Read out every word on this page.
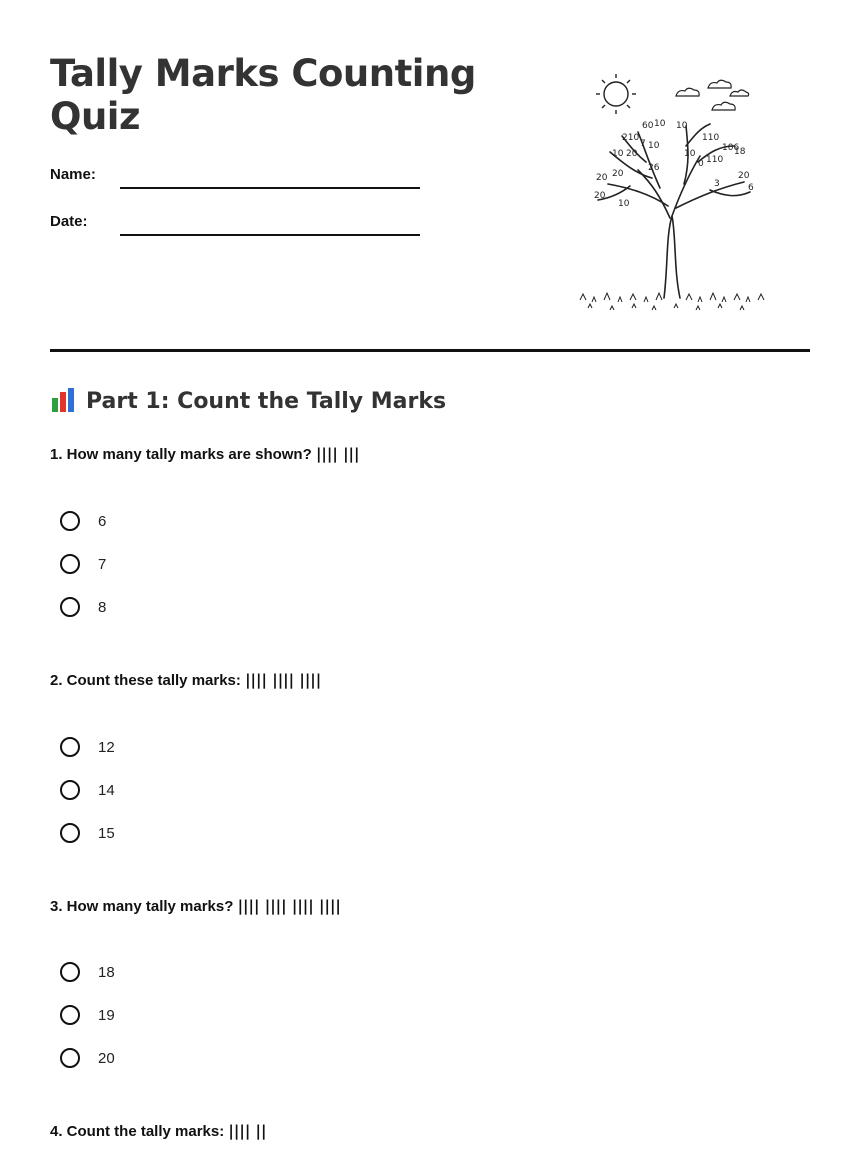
Tally Marks Counting Quiz
Name:
Date:
60 10 10
210
7 10
110
10 20
106
18
10
110
0
26
20
20	20
3	6
20
10
Part 1: Count the Tally Marks
1. How many tally marks are shown? |||| |||
6
7
8
2. Count these tally marks: |||| |||| ||||
12
14
15
3. How many tally marks? |||| |||| |||| ||||
18
19
20
4. Count the tally marks: |||| ||
